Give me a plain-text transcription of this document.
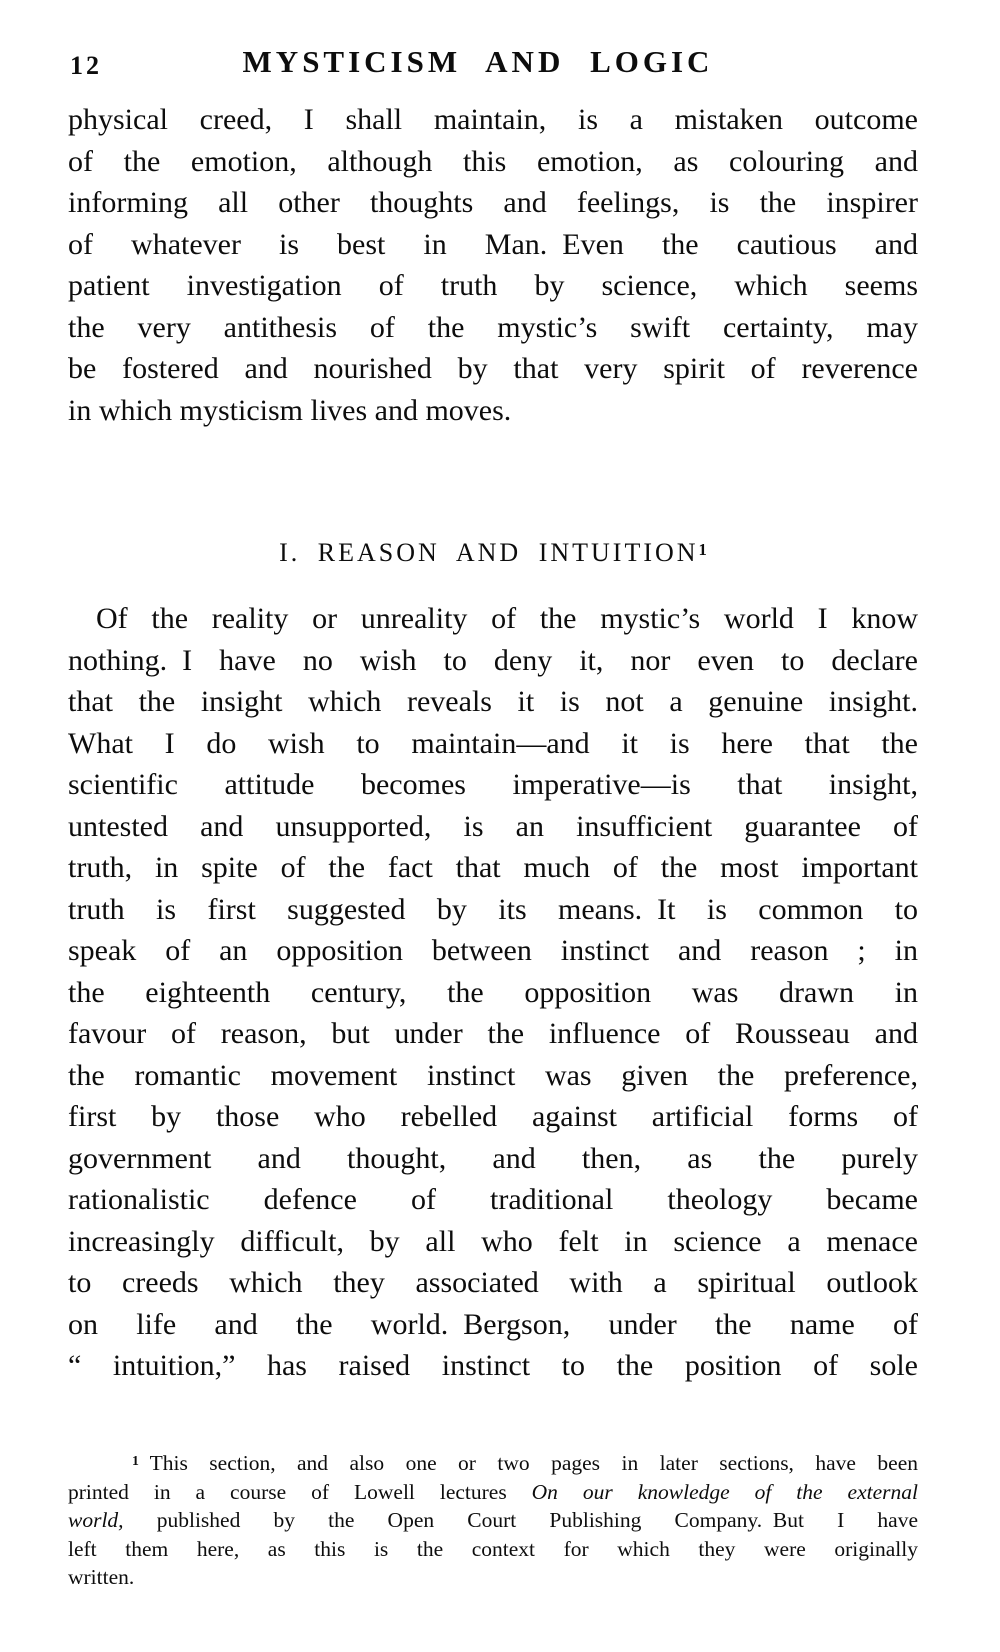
12	MYSTICISM AND LOGIC
physical creed, I shall maintain, is a mistaken outcome
of the emotion, although this emotion, as colouring and
informing all other thoughts and feelings, is the inspirer
of whatever is best in Man. Even the cautious and
patient investigation of truth by science, which seems
the very antithesis of the mystic’s swift certainty, may
be fostered and nourished by that very spirit of reverence
in which mysticism lives and moves.
I. REASON AND INTUITION1
Of the reality or unreality of the mystic’s world I know
nothing. I have no wish to deny it, nor even to declare
that the insight which reveals it is not a genuine insight.
What I do wish to maintain—and it is here that the
scientific attitude becomes imperative—is that insight,
untested and unsupported, is an insufficient guarantee of
truth, in spite of the fact that much of the most important
truth is first suggested by its means. It is common to
speak of an opposition between instinct and reason ; in
the eighteenth century, the opposition was drawn in
favour of reason, but under the influence of Rousseau and
the romantic movement instinct was given the preference,
first by those who rebelled against artificial forms of
government and thought, and then, as the purely
rationalistic defence of traditional theology became
increasingly difficult, by all who felt in science a menace
to creeds which they associated with a spiritual outlook
on life and the world. Bergson, under the name of
“ intuition,” has raised instinct to the position of sole
1 This section, and also one or two pages in later sections, have been
printed in a course of Lowell lectures On our knowledge of the external
world, published by the Open Court Publishing Company. But I have
left them here, as this is the context for which they were originally
written.
